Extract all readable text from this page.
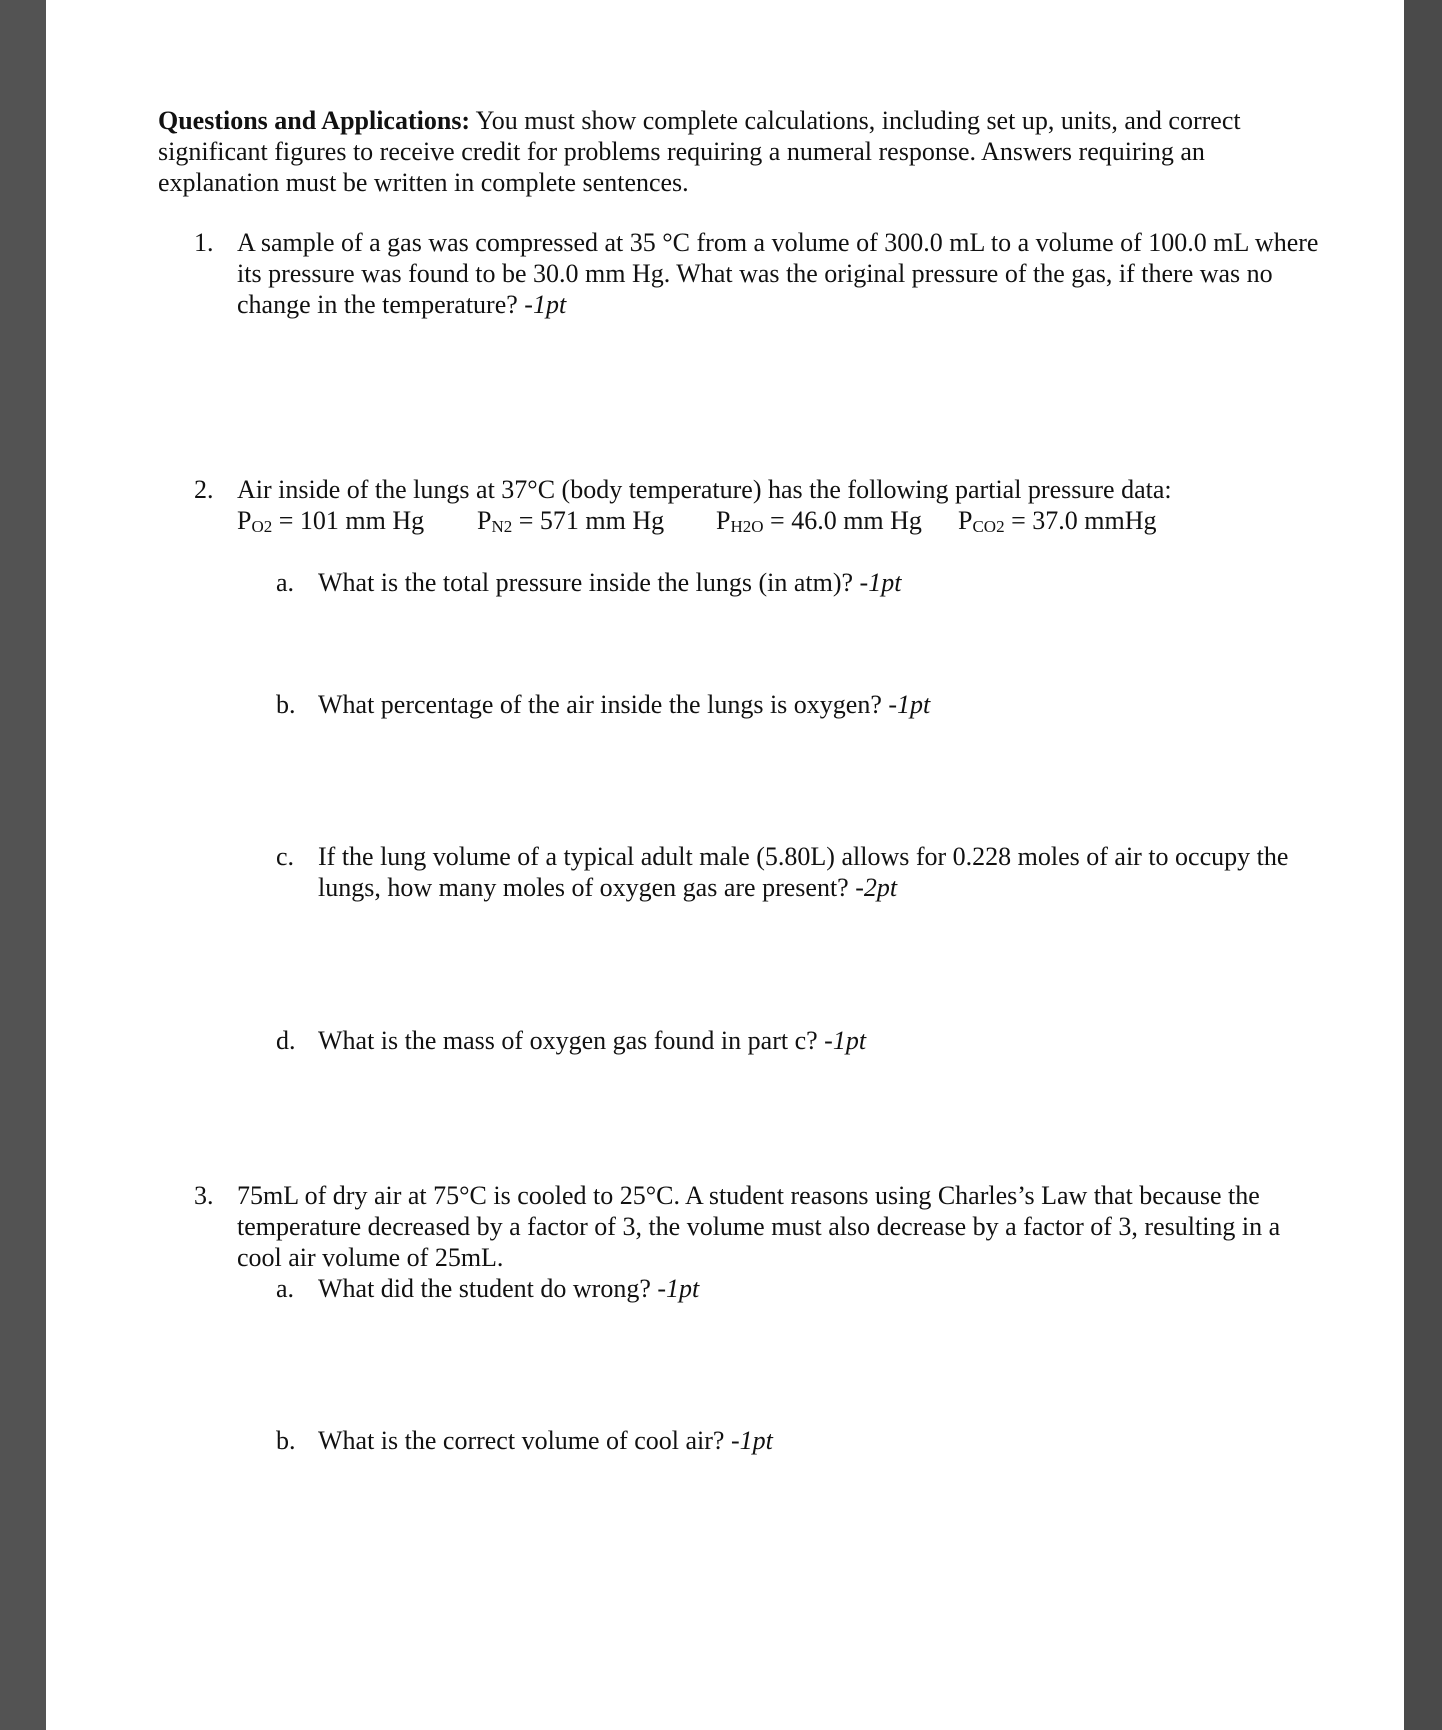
Questions and Applications: You must show complete calculations, including set up, units, and correct significant figures to receive credit for problems requiring a numeral response. Answers requiring an explanation must be written in complete sentences.
1. A sample of a gas was compressed at 35 °C from a volume of 300.0 mL to a volume of 100.0 mL where its pressure was found to be 30.0 mm Hg. What was the original pressure of the gas, if there was no change in the temperature? -1pt
2. Air inside of the lungs at 37°C (body temperature) has the following partial pressure data:
$P_{O2} = 101$ mm Hg $P_{N2} = 571$ mm Hg $P_{H2O} = 46.0$ mm Hg $P_{CO2} = 37.0$ mmHg
a. What is the total pressure inside the lungs (in atm)? -1pt
b. What percentage of the air inside the lungs is oxygen? -1pt
c. If the lung volume of a typical adult male (5.80L) allows for 0.228 moles of air to occupy the lungs, how many moles of oxygen gas are present? -2pt
d. What is the mass of oxygen gas found in part c? -1pt
3. 75mL of dry air at 75°C is cooled to 25°C. A student reasons using Charles’s Law that because the temperature decreased by a factor of 3, the volume must also decrease by a factor of 3, resulting in a cool air volume of 25mL.
a. What did the student do wrong? -1pt
b. What is the correct volume of cool air? -1pt
